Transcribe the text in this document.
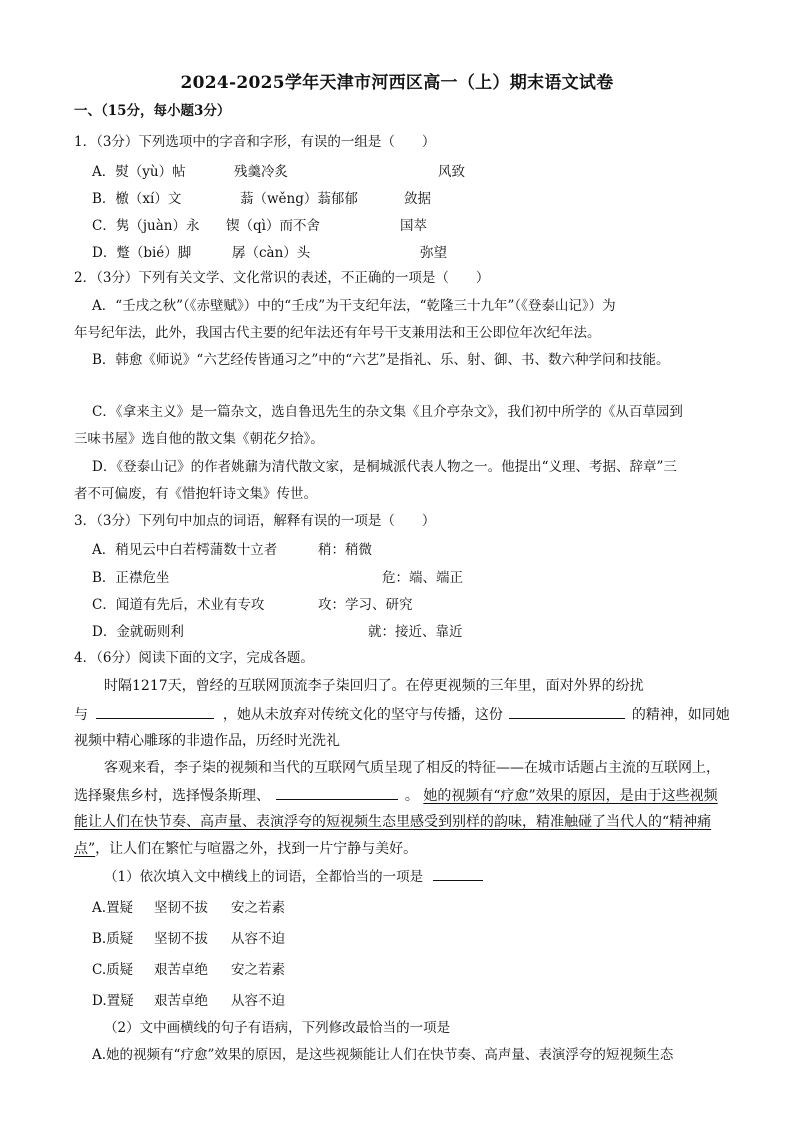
2024-2025学年天津市河西区高一（上）期末语文试卷
一、（15分，每小题3分）
1．（3分）下列选项中的字音和字形，有误的一组是（　　）
A．熨（yù）帖	残羹冷炙	风致
B．檄（xí）文	蓊（wěng）蓊郁郁	敛据
C．隽（juàn）永 锲（qì）而不舍	国萃
D．蹩（bié）脚	孱（càn）头	弥望
2．（3分）下列有关文学、文化常识的表述，不正确的一项是（　　）
A．“壬戌之秋”（《赤壁赋》）中的“壬戌”为干支纪年法，“乾隆三十九年”（《登泰山记》）为
年号纪年法，此外，我国古代主要的纪年法还有年号干支兼用法和王公即位年次纪年法。
B．韩愈《师说》“六艺经传皆通习之”中的“六艺”是指礼、乐、射、御、书、数六种学问和技能。
C．《拿来主义》是一篇杂文，选自鲁迅先生的杂文集《且介亭杂文》，我们初中所学的《从百草园到
三味书屋》选自他的散文集《朝花夕拾》。
D．《登泰山记》的作者姚鼐为清代散文家，是桐城派代表人物之一。他提出“义理、考据、辞章”三
者不可偏废，有《惜抱轩诗文集》传世。
3．（3分）下列句中加点的词语，解释有误的一项是（　　）
A．稍见云中白若樗蒲数十立者	稍：稍微
B．正襟危坐	危：端、端正
C．闻道有先后，术业有专攻	攻：学习、研究
D．金就砺则利	就：接近、靠近
4．（6分）阅读下面的文字，完成各题。
时隔1217天，曾经的互联网顶流李子柒回归了。在停更视频的三年里，面对外界的纷扰
与	，她从未放弃对传统文化的坚守与传播，这份	的精神，如同她
视频中精心雕琢的非遗作品，历经时光洗礼
客观来看，李子柒的视频和当代的互联网气质呈现了相反的特征——在城市话题占主流的互联网上，
选择聚焦乡村，选择慢条斯理、	。 她的视频有“疗愈”效果的原因，是由于这些视频
能让人们在快节奏、高声量、表演浮夸的短视频生态里感受到别样的韵味，精准触碰了当代人的“精神痛
点”，让人们在繁忙与喧嚣之外，找到一片宁静与美好。
（1）依次填入文中横线上的词语，全都恰当的一项是
A.置疑 坚韧不拔 安之若素
B.质疑 坚韧不拔 从容不迫
C.质疑 艰苦卓绝 安之若素
D.置疑 艰苦卓绝 从容不迫
（2）文中画横线的句子有语病，下列修改最恰当的一项是
A.她的视频有“疗愈”效果的原因，是这些视频能让人们在快节奏、高声量、表演浮夸的短视频生态
